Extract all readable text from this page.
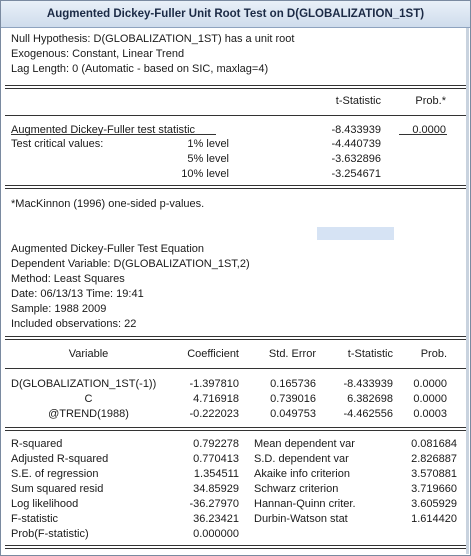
Augmented Dickey-Fuller Unit Root Test on D(GLOBALIZATION_1ST)
Null Hypothesis: D(GLOBALIZATION_1ST) has a unit root
Exogenous: Constant, Linear Trend
Lag Length: 0 (Automatic - based on SIC, maxlag=4)
t-Statistic	Prob.*
Augmented Dickey-Fuller test statistic	-8.433939	0.0000
Test critical values:	1% level	-4.440739
5% level	-3.632896
10% level	-3.254671
*MacKinnon (1996) one-sided p-values.
Augmented Dickey-Fuller Test Equation
Dependent Variable: D(GLOBALIZATION_1ST,2)
Method: Least Squares
Date: 06/13/13 Time: 19:41
Sample: 1988 2009
Included observations: 22
Variable	Coefficient	Std. Error	t-Statistic	Prob.
D(GLOBALIZATION_1ST(-1))	-1.397810	0.165736	-8.433939	0.0000
C	4.716918	0.739016	6.382698	0.0000
@TREND(1988)	-0.222023	0.049753	-4.462556	0.0003
R-squared	0.792278 Mean dependent var	0.081684
Adjusted R-squared	0.770413 S.D. dependent var	2.826887
S.E. of regression	1.354511 Akaike info criterion	3.570881
Sum squared resid	34.85929 Schwarz criterion	3.719660
Log likelihood	-36.27970 Hannan-Quinn criter.	3.605929
F-statistic	36.23421 Durbin-Watson stat	1.614420
Prob(F-statistic)	0.000000
